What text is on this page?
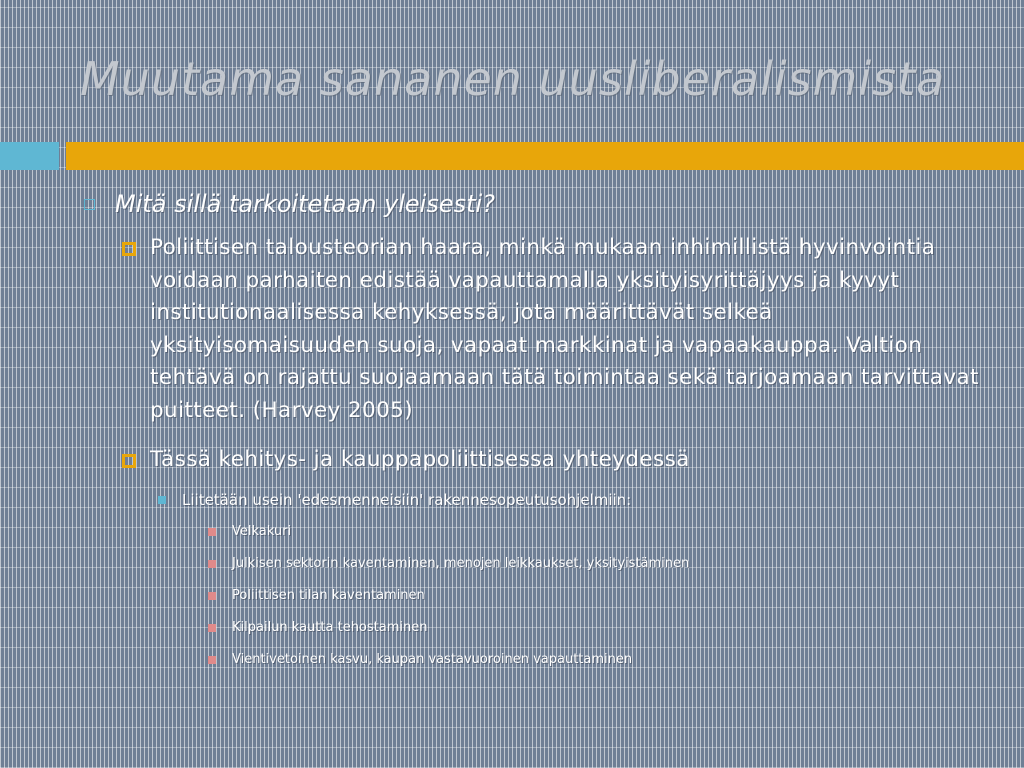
Muutama sananen uusliberalismista
Mitä sillä tarkoitetaan yleisesti?
Poliittisen talousteorian haara, minkä mukaan inhimillistä hyvinvointia voidaan parhaiten edistää vapauttamalla yksityisyrittäjyys ja kyvyt institutionaalisessa kehyksessä, jota määrittävät selkeä yksityisomaisuuden suoja, vapaat markkinat ja vapaakauppa. Valtion tehtävä on rajattu suojaamaan tätä toimintaa sekä tarjoamaan tarvittavat puitteet. (Harvey 2005)
Tässä kehitys- ja kauppapoliittisessa yhteydessä
Liitetään usein 'edesmenneisiin' rakennesopeutusohjelmiin:
Velkakuri
Julkisen sektorin kaventaminen, menojen leikkaukset, yksityistäminen
Poliittisen tilan kaventaminen
Kilpailun kautta tehostaminen
Vientivetoinen kasvu, kaupan vastavuoroinen vapauttaminen
